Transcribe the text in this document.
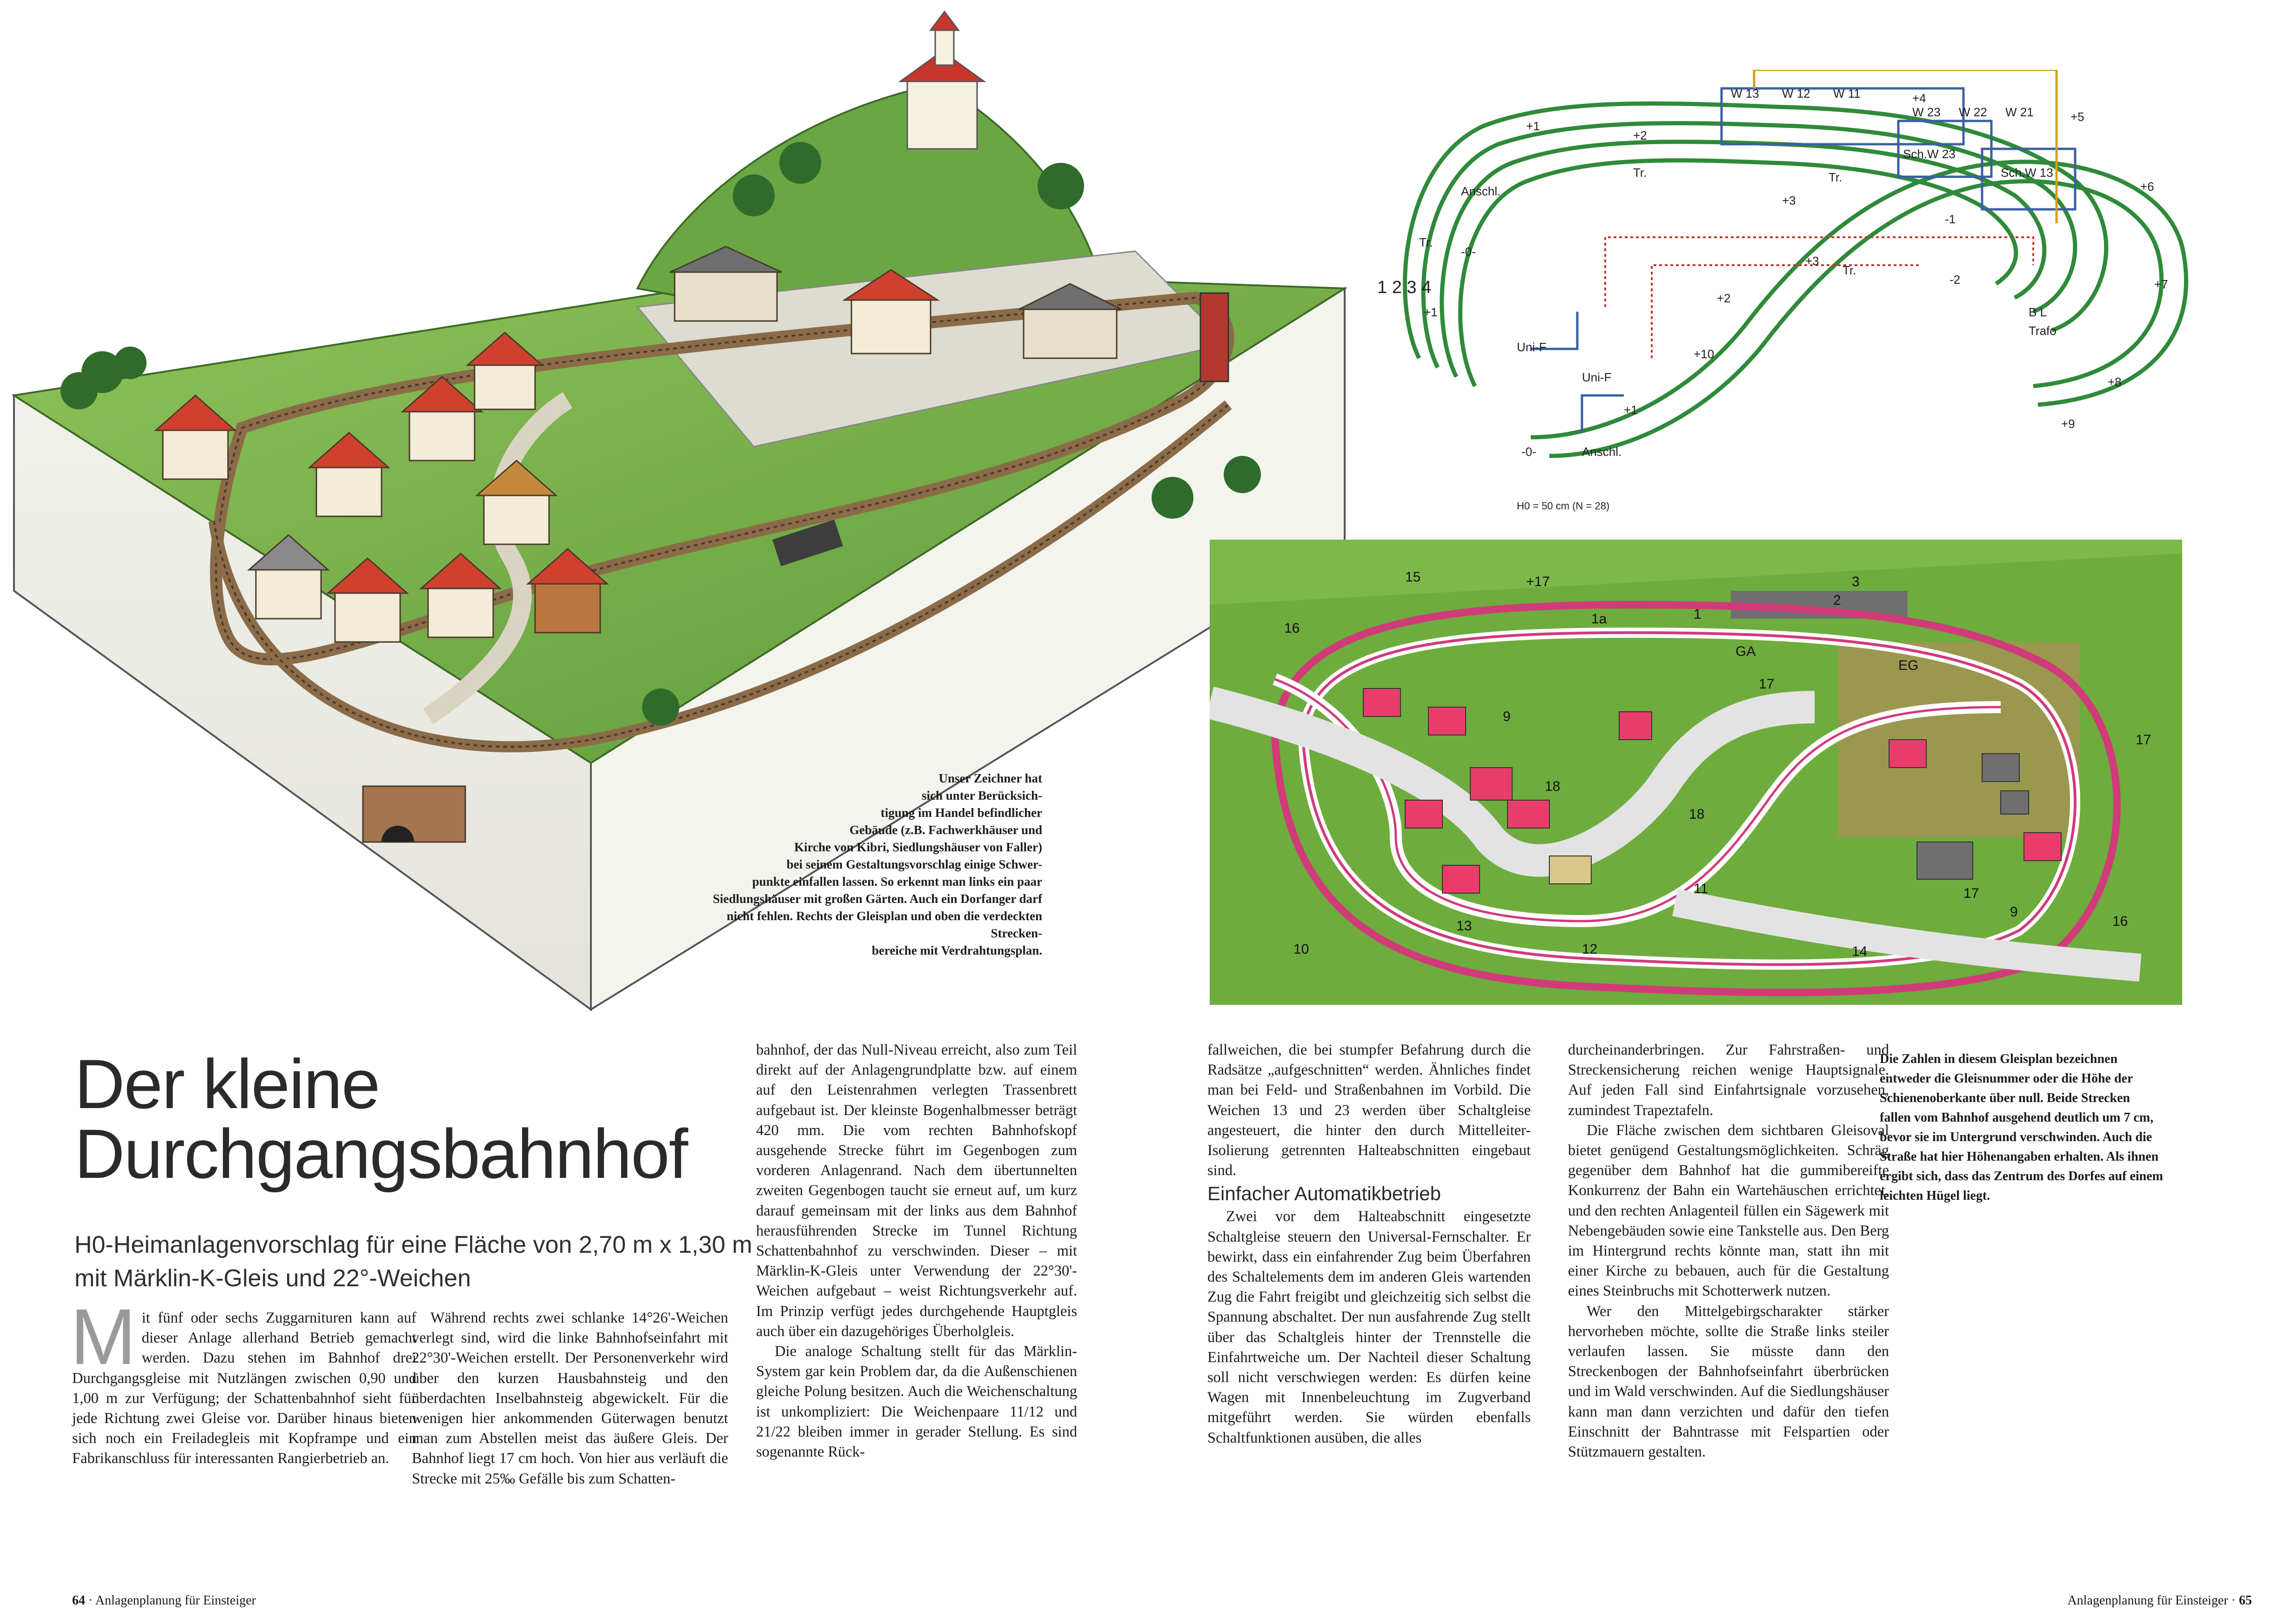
Unser Zeichner hat
sich unter Berücksich-
tigung im Handel befindlicher
Gebäude (z.B. Fachwerkhäuser und
Kirche von Kibri, Siedlungshäuser von Faller)
bei seinem Gestaltungsvorschlag einige Schwer-
punkte einfallen lassen. So erkennt man links ein paar
Siedlungshäuser mit großen Gärten. Auch ein Dorfanger darf
nicht fehlen. Rechts der Gleisplan und oben die verdeckten Strecken-
bereiche mit Verdrahtungsplan.
W 13 W 12 W 11
W 23 W 22 W 21
Sch.W 23
Sch.W 13
Anschl.
Anschl.
Tr.	Tr.
Tr.
Tr.
Uni-F
Uni-F
B L
Trafo
+10
-0-
-0-
1 2 3 4
H0 = 50 cm (N = 28)
+1
+2
+3
+4
+5
+6
+7
+8
+9
+2
+3
+1
+1
-1
-2
+17
1a	1
2
3
17
17
GA
EG
16
16
17
18
18
11
13
12	14
9
9
10
15
Der kleine
Durchgangsbahnhof
H0-Heimanlagenvorschlag für eine Fläche von 2,70 m x 1,30 m
mit Märklin-K-Gleis und 22°-Weichen

Mit fünf oder sechs Zuggarnituren kann auf dieser Anlage allerhand Betrieb gemacht werden. Dazu stehen im Bahnhof drei Durchgangsgleise mit Nutzlängen zwischen 0,90 und 1,00 m zur Verfügung; der Schattenbahnhof sieht für jede Richtung zwei Gleise vor. Darüber hinaus bieten sich noch ein Freiladegleis mit Kopframpe und ein Fabrikanschluss für interessanten Rangierbetrieb an.

Während rechts zwei schlanke 14°26'-Weichen verlegt sind, wird die linke Bahnhofseinfahrt mit 22°30'-Weichen erstellt. Der Personenverkehr wird über den kurzen Hausbahnsteig und den überdachten Inselbahnsteig abgewickelt. Für die wenigen hier ankommenden Güterwagen benutzt man zum Abstellen meist das äußere Gleis. Der Bahnhof liegt 17 cm hoch. Von hier aus verläuft die Strecke mit 25‰ Gefälle bis zum Schatten-

bahnhof, der das Null-Niveau erreicht, also zum Teil direkt auf der Anlagengrundplatte bzw. auf einem auf den Leistenrahmen verlegten Trassenbrett aufgebaut ist. Der kleinste Bogenhalbmesser beträgt 420 mm. Die vom rechten Bahnhofskopf ausgehende Strecke führt im Gegenbogen zum vorderen Anlagenrand. Nach dem übertunnelten zweiten Gegenbogen taucht sie erneut auf, um kurz darauf gemeinsam mit der links aus dem Bahnhof herausführenden Strecke im Tunnel Richtung Schattenbahnhof zu verschwinden. Dieser – mit Märklin-K-Gleis unter Verwendung der 22°30'-Weichen aufgebaut – weist Richtungsverkehr auf. Im Prinzip verfügt jedes durchgehende Hauptgleis auch über ein dazugehöriges Überholgleis.

Die analoge Schaltung stellt für das Märklin-System gar kein Problem dar, da die Außenschienen gleiche Polung besitzen. Auch die Weichenschaltung ist unkompliziert: Die Weichenpaare 11/12 und 21/22 bleiben immer in gerader Stellung. Es sind sogenannte Rück-

fallweichen, die bei stumpfer Befahrung durch die Radsätze „aufgeschnitten“ werden. Ähnliches findet man bei Feld- und Straßenbahnen im Vorbild. Die Weichen 13 und 23 werden über Schaltgleise angesteuert, die hinter den durch Mittelleiter-Isolierung getrennten Halteabschnitten eingebaut sind.

Einfacher Automatikbetrieb

Zwei vor dem Halteabschnitt eingesetzte Schaltgleise steuern den Universal-Fernschalter. Er bewirkt, dass ein einfahrender Zug beim Überfahren des Schaltelements dem im anderen Gleis wartenden Zug die Fahrt freigibt und gleichzeitig sich selbst die Spannung abschaltet. Der nun ausfahrende Zug stellt über das Schaltgleis hinter der Trennstelle die Einfahrtweiche um. Der Nachteil dieser Schaltung soll nicht verschwiegen werden: Es dürfen keine Wagen mit Innenbeleuchtung im Zugverband mitgeführt werden. Sie würden ebenfalls Schaltfunktionen ausüben, die alles

durcheinanderbringen. Zur Fahrstraßen- und Streckensicherung reichen wenige Hauptsignale. Auf jeden Fall sind Einfahrtsignale vorzusehen, zumindest Trapeztafeln.

Die Fläche zwischen dem sichtbaren Gleisoval bietet genügend Gestaltungsmöglichkeiten. Schräg gegenüber dem Bahnhof hat die gummibereifte Konkurrenz der Bahn ein Wartehäuschen errichtet, und den rechten Anlagenteil füllen ein Sägewerk mit Nebengebäuden sowie eine Tankstelle aus. Den Berg im Hintergrund rechts könnte man, statt ihn mit einer Kirche zu bebauen, auch für die Gestaltung eines Steinbruchs mit Schotterwerk nutzen.

Wer den Mittelgebirgscharakter stärker hervorheben möchte, sollte die Straße links steiler verlaufen lassen. Sie müsste dann den Streckenbogen der Bahnhofseinfahrt überbrücken und im Wald verschwinden. Auf die Siedlungshäuser kann man dann verzichten und dafür den tiefen Einschnitt der Bahntrasse mit Felspartien oder Stützmauern gestalten.

Die Zahlen in diesem Gleisplan bezeichnen entweder die Gleisnummer oder die Höhe der Schienenoberkante über null. Beide Strecken fallen vom Bahnhof ausgehend deutlich um 7 cm, bevor sie im Untergrund verschwinden. Auch die Straße hat hier Höhenangaben erhalten. Als ihnen ergibt sich, dass das Zentrum des Dorfes auf einem leichten Hügel liegt.

64 · Anlagenplanung für Einsteiger	Anlagenplanung für Einsteiger · 65
